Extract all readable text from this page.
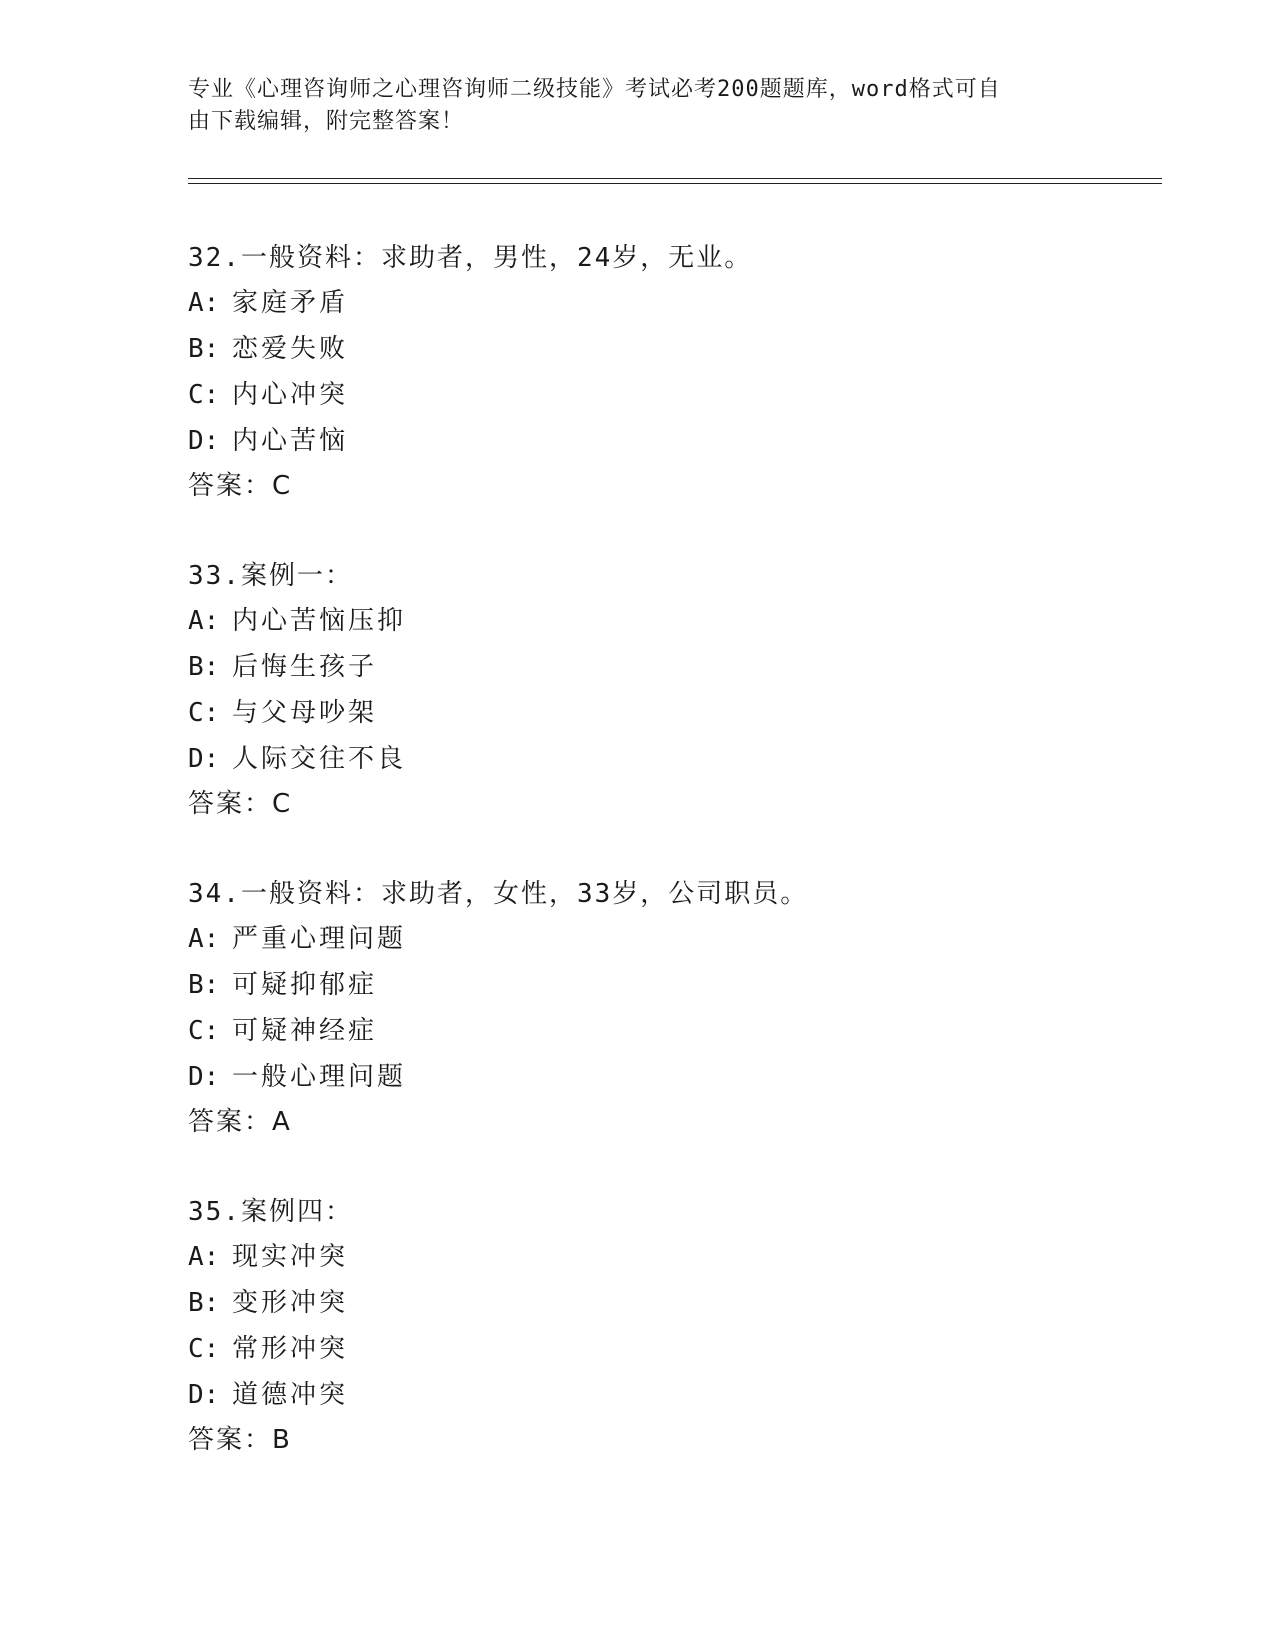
专业《心理咨询师之心理咨询师二级技能》考试必考200题题库，word格式可自
由下载编辑，附完整答案！
32.一般资料：求助者，男性，24岁，无业。
A: 家庭矛盾
B: 恋爱失败
C: 内心冲突
D: 内心苦恼
答案：C
33.案例一：
A: 内心苦恼压抑
B: 后悔生孩子
C: 与父母吵架
D: 人际交往不良
答案：C
34.一般资料：求助者，女性，33岁，公司职员。
A: 严重心理问题
B: 可疑抑郁症
C: 可疑神经症
D: 一般心理问题
答案：A
35.案例四：
A: 现实冲突
B: 变形冲突
C: 常形冲突
D: 道德冲突
答案：B
